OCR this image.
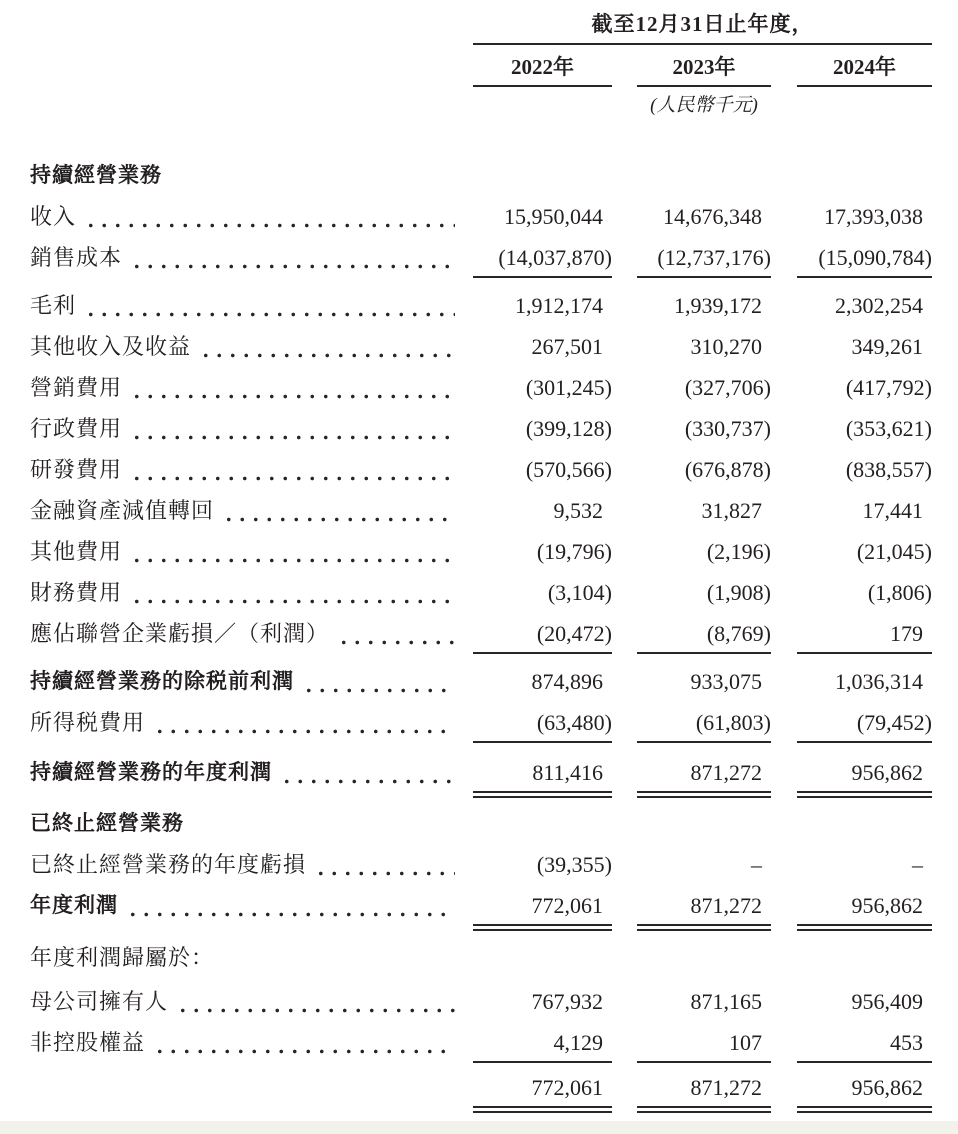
截至12月31日止年度，
2022年	2023年	2024年
(人民幣千元)
持續經營業務
收入	15,950,044	14,676,348	17,393,038
銷售成本	(14,037,870)	(12,737,176)	(15,090,784)
毛利	1,912,174	1,939,172	2,302,254
其他收入及收益	267,501	310,270	349,261
營銷費用	(301,245)	(327,706)	(417,792)
行政費用	(399,128)	(330,737)	(353,621)
研發費用	(570,566)	(676,878)	(838,557)
金融資產減值轉回	9,532	31,827	17,441
其他費用	(19,796)	(2,196)	(21,045)
財務費用	(3,104)	(1,908)	(1,806)
應佔聯營企業虧損／（利潤）	(20,472)	(8,769)	179
持續經營業務的除税前利潤	874,896	933,075	1,036,314
所得税費用	(63,480)	(61,803)	(79,452)
持續經營業務的年度利潤	811,416	871,272	956,862
已終止經營業務
已終止經營業務的年度虧損	(39,355)	–	–
年度利潤	772,061	871,272	956,862
年度利潤歸屬於：
母公司擁有人	767,932	871,165	956,409
非控股權益	4,129	107	453
772,061	871,272	956,862
